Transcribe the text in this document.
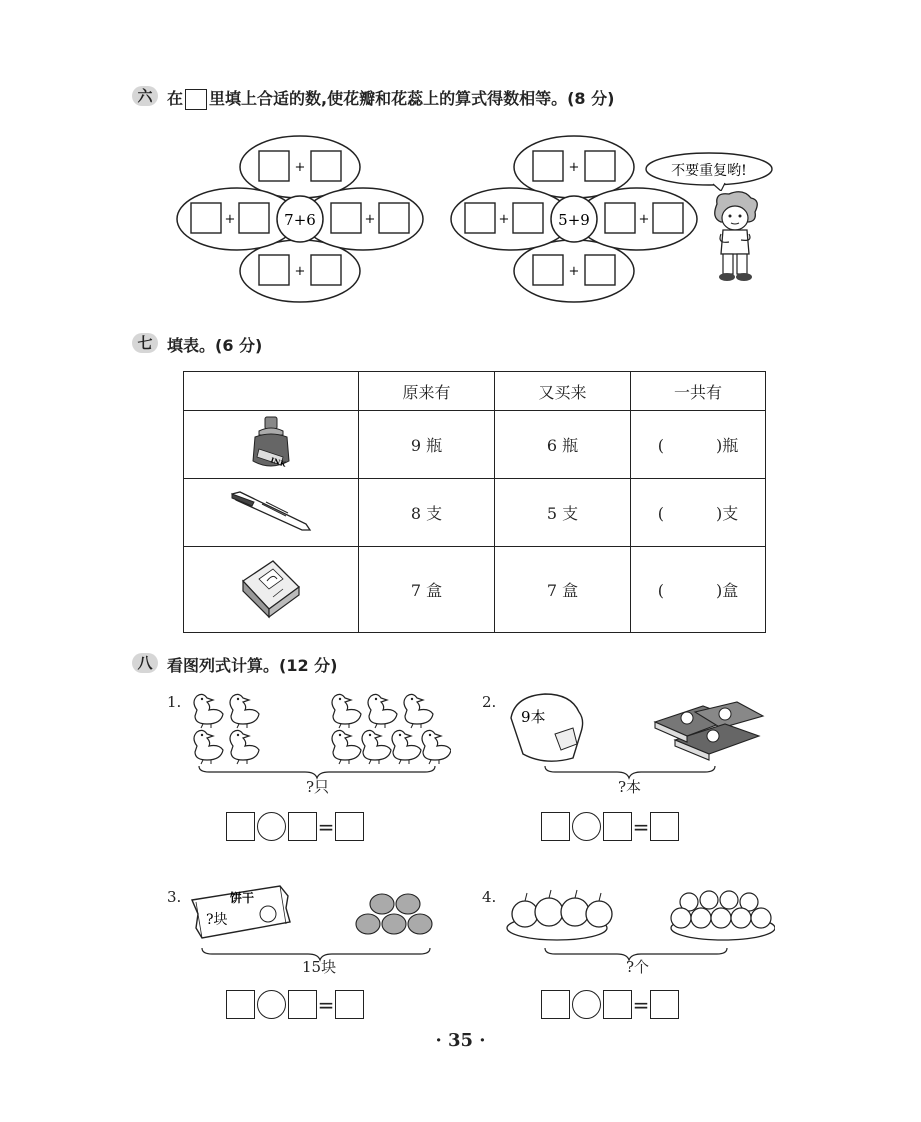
六 在 里填上合适的数,使花瓣和花蕊上的算式得数相等。(8 分)
+
+
+	+
7+6
+
+
+	+
5+9
不要重复哟!
七 填表。(6 分)
	原来有	又买来	一共有

INK	9 瓶	6 瓶	( )瓶
	8 支	5 支	( )支
	7 盒	7 盒	( )盒
八 看图列式计算。(12 分)
1.
?只
=
2.
9本
?本
=
3.	饼干
?块
15块
=
4.
?个
=
· 35 ·
